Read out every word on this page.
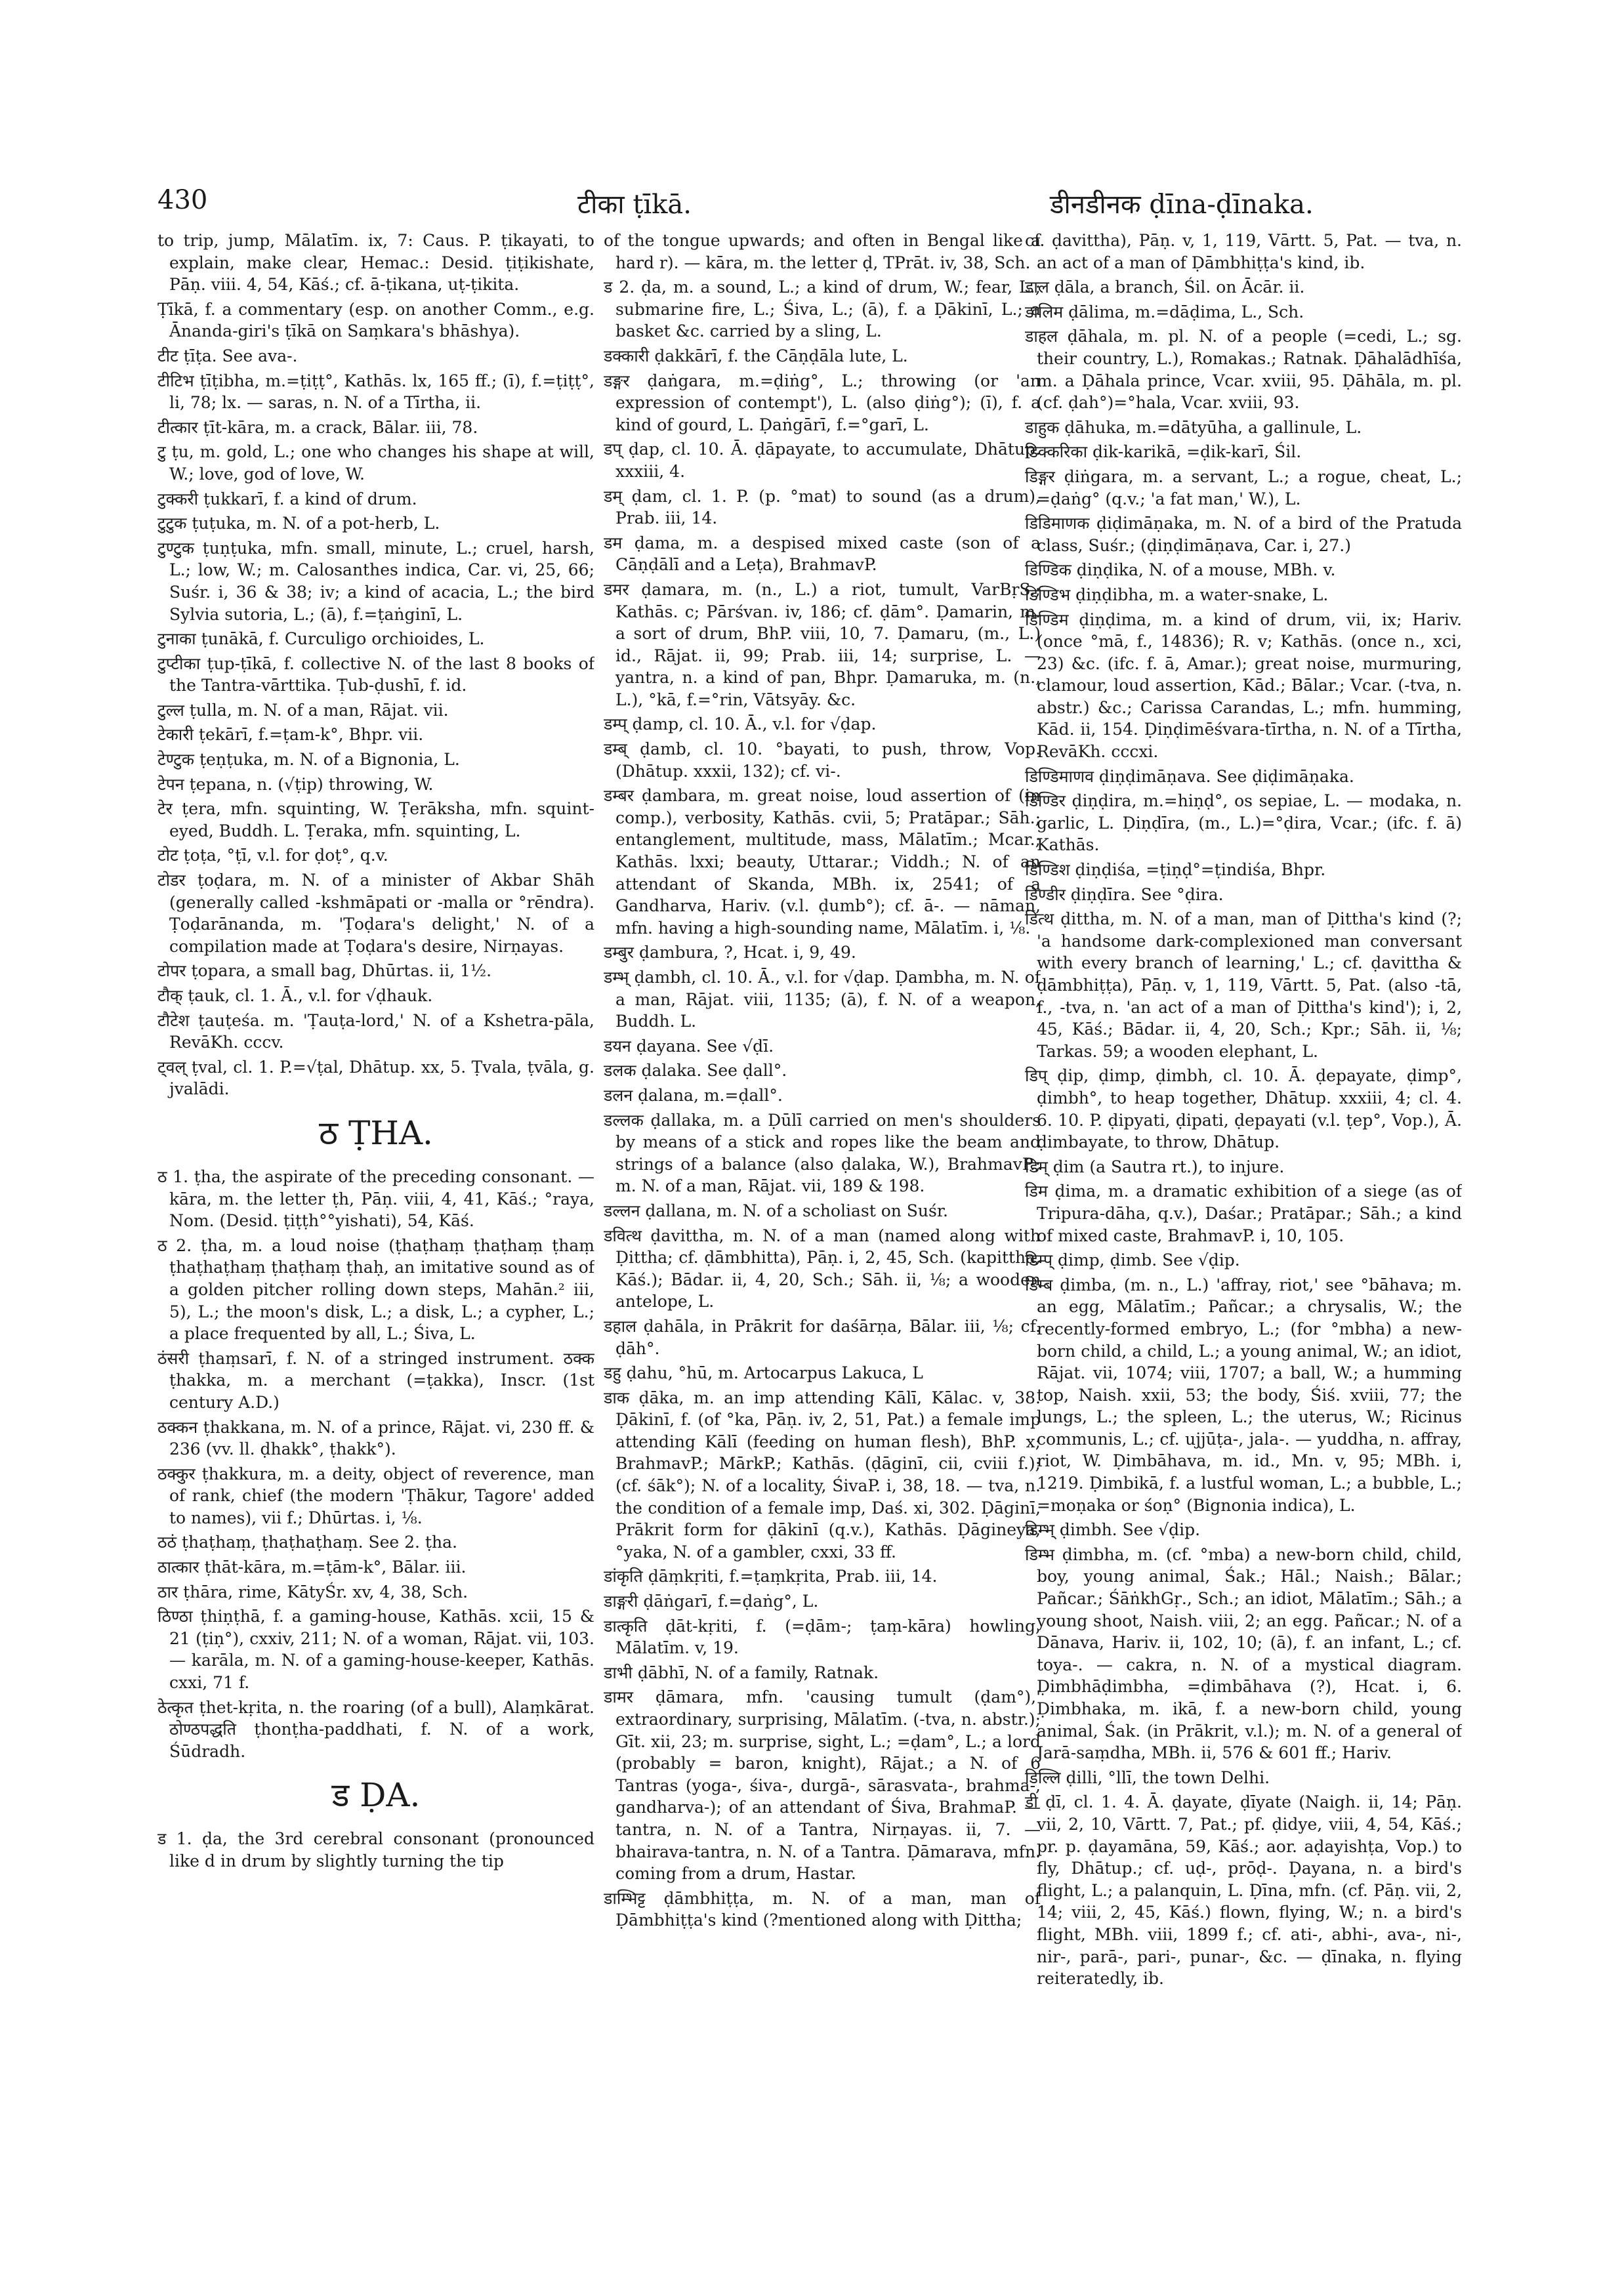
430	टीका ṭīkā.	डीनडीनक ḍīna-ḍīnaka.

to trip, jump, Mālatīm. ix, 7: Caus. P. ṭikayati, to explain, make clear, Hemac.: Desid. ṭiṭikishate, Pāṇ. viii. 4, 54, Kāś.; cf. ā-ṭikana, uṭ-ṭikita.

Ṭīkā, f. a commentary (esp. on another Comm., e.g. Ānanda-giri's ṭīkā on Saṃkara's bhāshya).

टीट ṭīṭa. See ava-.

टीटिभ ṭīṭibha, m.=ṭiṭṭ°, Kathās. lx, 165 ff.; (ī), f.=ṭiṭṭ°, li, 78; lx. — saras, n. N. of a Tīrtha, ii.

टीत्कार ṭīt-kāra, m. a crack, Bālar. iii, 78.

टु ṭu, m. gold, L.; one who changes his shape at will, W.; love, god of love, W.

टुक्करी ṭukkarī, f. a kind of drum.

टुटुक ṭuṭuka, m. N. of a pot-herb, L.

टुण्टुक ṭuṇṭuka, mfn. small, minute, L.; cruel, harsh, L.; low, W.; m. Calosanthes indica, Car. vi, 25, 66; Suśr. i, 36 & 38; iv; a kind of acacia, L.; the bird Sylvia sutoria, L.; (ā), f.=ṭaṅginī, L.

टुनाका ṭunākā, f. Curculigo orchioides, L.

टुप्टीका ṭup-ṭīkā, f. collective N. of the last 8 books of the Tantra-vārttika. Ṭub-ḍushī, f. id.

टुल्ल ṭulla, m. N. of a man, Rājat. vii.

टेकारी ṭekārī, f.=ṭam-k°, Bhpr. vii.

टेण्टुक ṭeṇṭuka, m. N. of a Bignonia, L.

टेपन ṭepana, n. (√ṭip) throwing, W.

टेर ṭera, mfn. squinting, W. Ṭerāksha, mfn. squint-eyed, Buddh. L. Ṭeraka, mfn. squinting, L.

टोट ṭoṭa, °ṭī, v.l. for ḍoṭ°, q.v.

टोडर ṭoḍara, m. N. of a minister of Akbar Shāh (generally called -kshmāpati or -malla or °rēndra). Ṭoḍarānanda, m. 'Ṭoḍara's delight,' N. of a compilation made at Ṭoḍara's desire, Nirṇayas.

टोपर ṭopara, a small bag, Dhūrtas. ii, 1½.

टौक् ṭauk, cl. 1. Ā., v.l. for √ḍhauk.

टौटेश ṭauṭeśa. m. 'Ṭauṭa-lord,' N. of a Kshetra-pāla, RevāKh. cccv.

ट्वल् ṭval, cl. 1. P.=√ṭal, Dhātup. xx, 5. Ṭvala, ṭvāla, g. jvalādi.

ठ ṬHA.

ठ 1. ṭha, the aspirate of the preceding consonant. — kāra, m. the letter ṭh, Pāṇ. viii, 4, 41, Kāś.; °raya, Nom. (Desid. ṭiṭṭh°°yishati), 54, Kāś.

ठ 2. ṭha, m. a loud noise (ṭhaṭhaṃ ṭhaṭhaṃ ṭhaṃ ṭhaṭhaṭhaṃ ṭhaṭhaṃ ṭhaḥ, an imitative sound as of a golden pitcher rolling down steps, Mahān.² iii, 5), L.; the moon's disk, L.; a disk, L.; a cypher, L.; a place frequented by all, L.; Śiva, L.

ठंसरी ṭhaṃsarī, f. N. of a stringed instrument. ठक्क ṭhakka, m. a merchant (=ṭakka), Inscr. (1st century A.D.)

ठक्कन ṭhakkana, m. N. of a prince, Rājat. vi, 230 ff. & 236 (vv. ll. ḍhakk°, ṭhakk°).

ठक्कुर ṭhakkura, m. a deity, object of reverence, man of rank, chief (the modern 'Ṭhākur, Tagore' added to names), vii f.; Dhūrtas. i, ⅛.

ठठं ṭhaṭhaṃ, ṭhaṭhaṭhaṃ. See 2. ṭha.

ठात्कार ṭhāt-kāra, m.=ṭām-k°, Bālar. iii.

ठार ṭhāra, rime, KātyŚr. xv, 4, 38, Sch.

ठिण्ठा ṭhiṇṭhā, f. a gaming-house, Kathās. xcii, 15 & 21 (ṭiṇ°), cxxiv, 211; N. of a woman, Rājat. vii, 103. — karāla, m. N. of a gaming-house-keeper, Kathās. cxxi, 71 f.

ठेत्कृत ṭhet-kṛita, n. the roaring (of a bull), Alaṃkārat. ठोण्ठपद्धति ṭhonṭha-paddhati, f. N. of a work, Śūdradh.

ड ḌA.

ड 1. ḍa, the 3rd cerebral consonant (pronounced like d in drum by slightly turning the tip

of the tongue upwards; and often in Bengal like a hard r). — kāra, m. the letter ḍ, TPrāt. iv, 38, Sch.

ड 2. ḍa, m. a sound, L.; a kind of drum, W.; fear, L.; submarine fire, L.; Śiva, L.; (ā), f. a Ḍākinī, L.; a basket &c. carried by a sling, L.

डक्कारी ḍakkārī, f. the Cāṇḍāla lute, L.

डङ्गर ḍaṅgara, m.=ḍiṅg°, L.; throwing (or 'an expression of contempt'), L. (also ḍiṅg°); (ī), f. a kind of gourd, L. Ḍaṅgārī, f.=°garī, L.

डप् ḍap, cl. 10. Ā. ḍāpayate, to accumulate, Dhātup. xxxiii, 4.

डम् ḍam, cl. 1. P. (p. °mat) to sound (as a drum), Prab. iii, 14.

डम ḍama, m. a despised mixed caste (son of a Cāṇḍālī and a Leṭa), BrahmavP.

डमर ḍamara, m. (n., L.) a riot, tumult, VarBṛS.; Kathās. c; Pārśvan. iv, 186; cf. ḍām°. Ḍamarin, m. a sort of drum, BhP. viii, 10, 7. Ḍamaru, (m., L.) id., Rājat. ii, 99; Prab. iii, 14; surprise, L. — yantra, n. a kind of pan, Bhpr. Ḍamaruka, m. (n., L.), °kā, f.=°rin, Vātsyāy. &c.

डम्प् ḍamp, cl. 10. Ā., v.l. for √ḍap.

डम्ब् ḍamb, cl. 10. °bayati, to push, throw, Vop. (Dhātup. xxxii, 132); cf. vi-.

डम्बर ḍambara, m. great noise, loud assertion of (in comp.), verbosity, Kathās. cvii, 5; Pratāpar.; Sāh.; entanglement, multitude, mass, Mālatīm.; Mcar.; Kathās. lxxi; beauty, Uttarar.; Viddh.; N. of an attendant of Skanda, MBh. ix, 2541; of a Gandharva, Hariv. (v.l. ḍumb°); cf. ā-. — nāman, mfn. having a high-sounding name, Mālatīm. i, ⅛.

डम्बुर ḍambura, ?, Hcat. i, 9, 49.

डम्भ् ḍambh, cl. 10. Ā., v.l. for √ḍap. Ḍambha, m. N. of a man, Rājat. viii, 1135; (ā), f. N. of a weapon, Buddh. L.

डयन ḍayana. See √ḍī.

डलक ḍalaka. See ḍall°.

डलन ḍalana, m.=ḍall°.

डल्लक ḍallaka, m. a Ḍūlī carried on men's shoulders by means of a stick and ropes like the beam and strings of a balance (also ḍalaka, W.), BrahmavP.; m. N. of a man, Rājat. vii, 189 & 198.

डल्लन ḍallana, m. N. of a scholiast on Suśr.

डवित्थ ḍavittha, m. N. of a man (named along with Ḍittha; cf. ḍāmbhitta), Pāṇ. i, 2, 45, Sch. (kapittha, Kāś.); Bādar. ii, 4, 20, Sch.; Sāh. ii, ⅛; a wooden antelope, L.

डहाल ḍahāla, in Prākrit for daśārṇa, Bālar. iii, ⅛; cf. ḍāh°.

डहु ḍahu, °hū, m. Artocarpus Lakuca, L

डाक ḍāka, m. an imp attending Kālī, Kālac. v, 38. Ḍākinī, f. (of °ka, Pāṇ. iv, 2, 51, Pat.) a female imp attending Kālī (feeding on human flesh), BhP. x; BrahmavP.; MārkP.; Kathās. (ḍāginī, cii, cviii f.); (cf. śāk°); N. of a locality, ŚivaP. i, 38, 18. — tva, n. the condition of a female imp, Daś. xi, 302. Ḍāginī, Prākrit form for ḍākinī (q.v.), Kathās. Ḍāgineya, °yaka, N. of a gambler, cxxi, 33 ff.

डांकृति ḍāṃkṛiti, f.=ṭaṃkṛita, Prab. iii, 14.

डाङ्गरी ḍāṅgarī, f.=ḍaṅg°, L.

डात्कृति ḍāt-kṛiti, f. (=ḍām-; ṭaṃ-kāra) howling, Mālatīm. v, 19.

डाभी ḍābhī, N. of a family, Ratnak.

डामर ḍāmara, mfn. 'causing tumult (ḍam°),' extraordinary, surprising, Mālatīm. (-tva, n. abstr.); Gīt. xii, 23; m. surprise, sight, L.; =ḍam°, L.; a lord (probably = baron, knight), Rājat.; a N. of 6 Tantras (yoga-, śiva-, durgā-, sārasvata-, brahma-, gandharva-); of an attendant of Śiva, BrahmaP. — tantra, n. N. of a Tantra, Nirṇayas. ii, 7. — bhairava-tantra, n. N. of a Tantra. Ḍāmarava, mfn. coming from a drum, Hastar.

डाम्भिट्ट ḍāmbhiṭṭa, m. N. of a man, man of Ḍāmbhiṭṭa's kind (?mentioned along with Ḍittha;

cf. ḍavittha), Pāṇ. v, 1, 119, Vārtt. 5, Pat. — tva, n. an act of a man of Ḍāmbhiṭṭa's kind, ib.

डाल ḍāla, a branch, Śil. on Ācār. ii.

डालिम ḍālima, m.=dāḍima, L., Sch.

डाहल ḍāhala, m. pl. N. of a people (=cedi, L.; sg. their country, L.), Romakas.; Ratnak. Ḍāhalādhīśa, m. a Ḍāhala prince, Vcar. xviii, 95. Ḍāhāla, m. pl. (cf. ḍah°)=°hala, Vcar. xviii, 93.

डाहुक ḍāhuka, m.=dātyūha, a gallinule, L.

डिक्करिका ḍik-karikā, =ḍik-karī, Śil.

डिङ्गर ḍiṅgara, m. a servant, L.; a rogue, cheat, L.; =ḍaṅg° (q.v.; 'a fat man,' W.), L.

डिडिमाणक ḍiḍimāṇaka, m. N. of a bird of the Pratuda class, Suśr.; (ḍiṇḍimāṇava, Car. i, 27.)

डिण्डिक ḍiṇḍika, N. of a mouse, MBh. v.

डिण्डिभ ḍiṇḍibha, m. a water-snake, L.

डिण्डिम ḍiṇḍima, m. a kind of drum, vii, ix; Hariv. (once °mā, f., 14836); R. v; Kathās. (once n., xci, 23) &c. (ifc. f. ā, Amar.); great noise, murmuring, clamour, loud assertion, Kād.; Bālar.; Vcar. (-tva, n. abstr.) &c.; Carissa Carandas, L.; mfn. humming, Kād. ii, 154. Ḍiṇḍimēśvara-tīrtha, n. N. of a Tīrtha, RevāKh. cccxi.

डिण्डिमाणव ḍiṇḍimāṇava. See ḍiḍimāṇaka.

डिण्डिर ḍiṇḍira, m.=hiṇḍ°, os sepiae, L. — modaka, n. garlic, L. Ḍiṇḍīra, (m., L.)=°ḍira, Vcar.; (ifc. f. ā) Kathās.

डिण्डिश ḍiṇḍiśa, =ṭiṇḍ°=ṭindiśa, Bhpr.

डिण्डीर ḍiṇḍīra. See °ḍira.

डित्थ ḍittha, m. N. of a man, man of Ḍittha's kind (?; 'a handsome dark-complexioned man conversant with every branch of learning,' L.; cf. ḍavittha & ḍāmbhiṭṭa), Pāṇ. v, 1, 119, Vārtt. 5, Pat. (also -tā, f., -tva, n. 'an act of a man of Ḍittha's kind'); i, 2, 45, Kāś.; Bādar. ii, 4, 20, Sch.; Kpr.; Sāh. ii, ⅛; Tarkas. 59; a wooden elephant, L.

डिप् ḍip, ḍimp, ḍimbh, cl. 10. Ā. ḍepayate, ḍimp°, ḍimbh°, to heap together, Dhātup. xxxiii, 4; cl. 4. 6. 10. P. ḍipyati, ḍipati, ḍepayati (v.l. ṭep°, Vop.), Ā. ḍimbayate, to throw, Dhātup.

डिम् ḍim (a Sautra rt.), to injure.

डिम ḍima, m. a dramatic exhibition of a siege (as of Tripura-dāha, q.v.), Daśar.; Pratāpar.; Sāh.; a kind of mixed caste, BrahmavP. i, 10, 105.

डिम्प् ḍimp, ḍimb. See √ḍip.

डिम्ब ḍimba, (m. n., L.) 'affray, riot,' see °bāhava; m. an egg, Mālatīm.; Pañcar.; a chrysalis, W.; the recently-formed embryo, L.; (for °mbha) a new-born child, a child, L.; a young animal, W.; an idiot, Rājat. vii, 1074; viii, 1707; a ball, W.; a humming top, Naish. xxii, 53; the body, Śiś. xviii, 77; the lungs, L.; the spleen, L.; the uterus, W.; Ricinus communis, L.; cf. ujjūṭa-, jala-. — yuddha, n. affray, riot, W. Ḍimbāhava, m. id., Mn. v, 95; MBh. i, 1219. Ḍimbikā, f. a lustful woman, L.; a bubble, L.; =moṇaka or śoṇ° (Bignonia indica), L.

डिम्भ् ḍimbh. See √ḍip.

डिम्भ ḍimbha, m. (cf. °mba) a new-born child, child, boy, young animal, Śak.; Hāl.; Naish.; Bālar.; Pañcar.; ŚāṅkhGṛ., Sch.; an idiot, Mālatīm.; Sāh.; a young shoot, Naish. viii, 2; an egg. Pañcar.; N. of a Dānava, Hariv. ii, 102, 10; (ā), f. an infant, L.; cf. toya-. — cakra, n. N. of a mystical diagram. Ḍimbhāḍimbha, =ḍimbāhava (?), Hcat. i, 6. Ḍimbhaka, m. ikā, f. a new-born child, young animal, Śak. (in Prākrit, v.l.); m. N. of a general of Jarā-saṃdha, MBh. ii, 576 & 601 ff.; Hariv.

डिल्लि ḍilli, °llī, the town Delhi.

डी ḍī, cl. 1. 4. Ā. ḍayate, ḍīyate (Naigh. ii, 14; Pāṇ. vii, 2, 10, Vārtt. 7, Pat.; pf. ḍidye, viii, 4, 54, Kāś.; pr. p. ḍayamāna, 59, Kāś.; aor. aḍayishṭa, Vop.) to fly, Dhātup.; cf. uḍ-, prōḍ-. Ḍayana, n. a bird's flight, L.; a palanquin, L. Ḍīna, mfn. (cf. Pāṇ. vii, 2, 14; viii, 2, 45, Kāś.) flown, flying, W.; n. a bird's flight, MBh. viii, 1899 f.; cf. ati-, abhi-, ava-, ni-, nir-, parā-, pari-, punar-, &c. — ḍīnaka, n. flying reiteratedly, ib.
